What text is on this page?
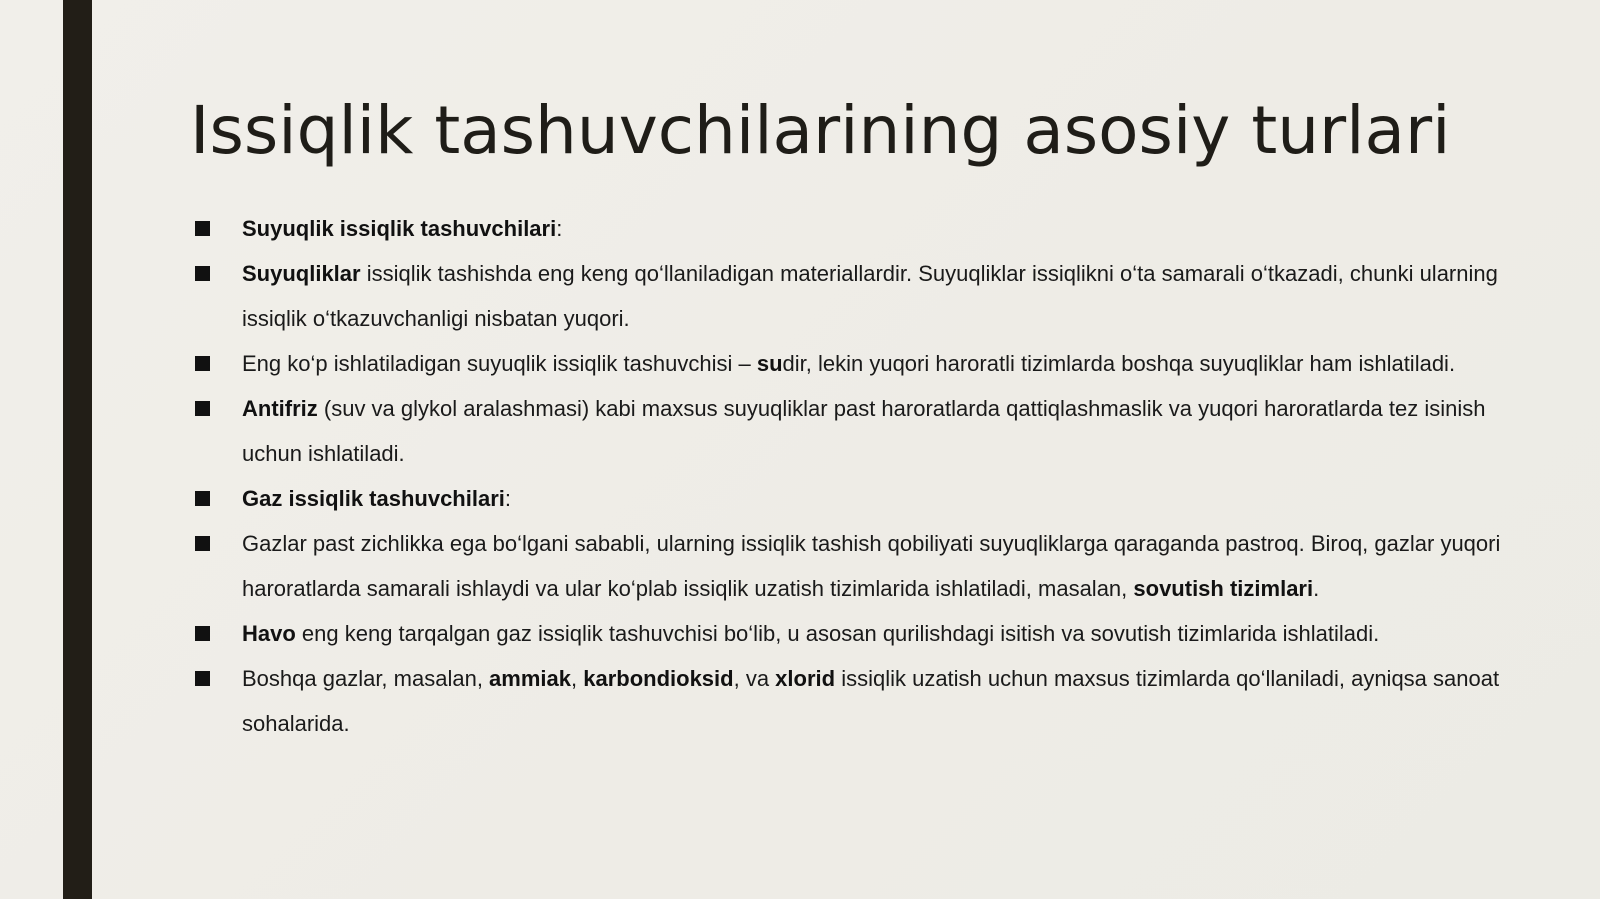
Issiqlik tashuvchilarining asosiy turlari
Suyuqlik issiqlik tashuvchilari:
Suyuqliklar issiqlik tashishda eng keng qo‘llaniladigan materiallardir. Suyuqliklar issiqlikni o‘ta samarali o‘tkazadi, chunki ularning issiqlik o‘tkazuvchanligi nisbatan yuqori.
Eng ko‘p ishlatiladigan suyuqlik issiqlik tashuvchisi – sudir, lekin yuqori haroratli tizimlarda boshqa suyuqliklar ham ishlatiladi.
Antifriz (suv va glykol aralashmasi) kabi maxsus suyuqliklar past haroratlarda qattiqlashmaslik va yuqori haroratlarda tez isinish uchun ishlatiladi.
Gaz issiqlik tashuvchilari:
Gazlar past zichlikka ega bo‘lgani sababli, ularning issiqlik tashish qobiliyati suyuqliklarga qaraganda pastroq. Biroq, gazlar yuqori haroratlarda samarali ishlaydi va ular ko‘plab issiqlik uzatish tizimlarida ishlatiladi, masalan, sovutish tizimlari.
Havo eng keng tarqalgan gaz issiqlik tashuvchisi bo‘lib, u asosan qurilishdagi isitish va sovutish tizimlarida ishlatiladi.
Boshqa gazlar, masalan, ammiak, karbondioksid, va xlorid issiqlik uzatish uchun maxsus tizimlarda qo‘llaniladi, ayniqsa sanoat sohalarida.
